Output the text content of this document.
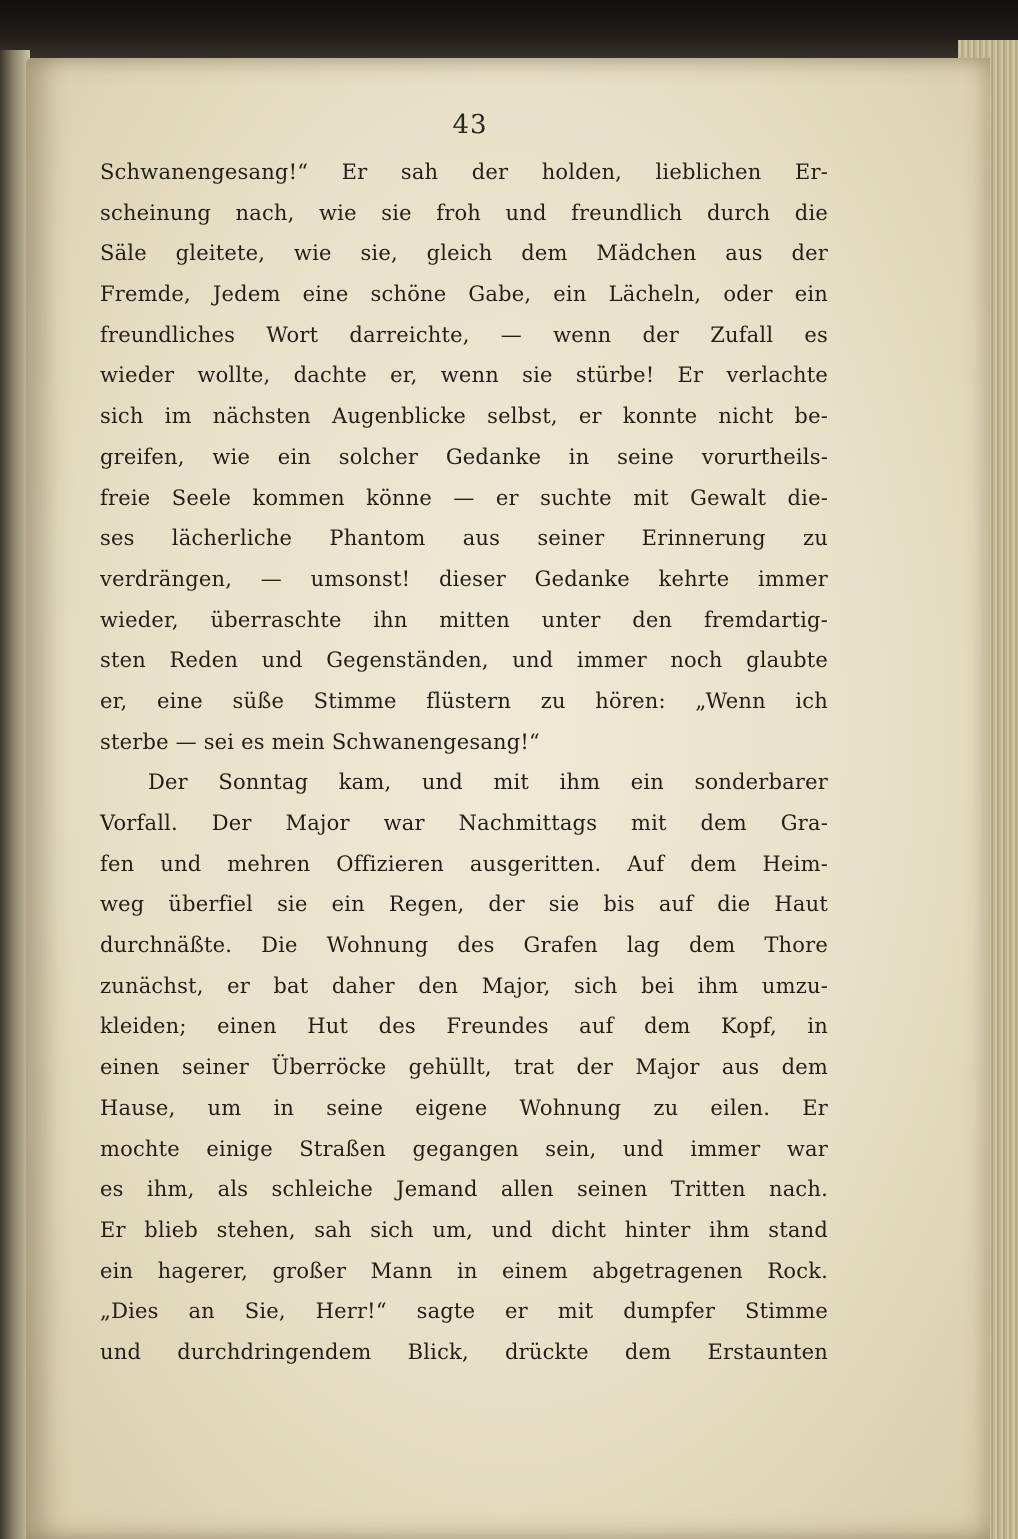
43
Schwanengesang!“ Er sah der holden, lieblichen Er-
scheinung nach, wie sie froh und freundlich durch die
Säle gleitete, wie sie, gleich dem Mädchen aus der
Fremde, Jedem eine schöne Gabe, ein Lächeln, oder ein
freundliches Wort darreichte, — wenn der Zufall es
wieder wollte, dachte er, wenn sie stürbe! Er verlachte
sich im nächsten Augenblicke selbst, er konnte nicht be-
greifen, wie ein solcher Gedanke in seine vorurtheils-
freie Seele kommen könne — er suchte mit Gewalt die-
ses lächerliche Phantom aus seiner Erinnerung zu
verdrängen, — umsonst! dieser Gedanke kehrte immer
wieder, überraschte ihn mitten unter den fremdartig-
sten Reden und Gegenständen, und immer noch glaubte
er, eine süße Stimme flüstern zu hören: „Wenn ich
sterbe — sei es mein Schwanengesang!“
Der Sonntag kam, und mit ihm ein sonderbarer
Vorfall. Der Major war Nachmittags mit dem Gra-
fen und mehren Offizieren ausgeritten. Auf dem Heim-
weg überfiel sie ein Regen, der sie bis auf die Haut
durchnäßte. Die Wohnung des Grafen lag dem Thore
zunächst, er bat daher den Major, sich bei ihm umzu-
kleiden; einen Hut des Freundes auf dem Kopf, in
einen seiner Überröcke gehüllt, trat der Major aus dem
Hause, um in seine eigene Wohnung zu eilen. Er
mochte einige Straßen gegangen sein, und immer war
es ihm, als schleiche Jemand allen seinen Tritten nach.
Er blieb stehen, sah sich um, und dicht hinter ihm stand
ein hagerer, großer Mann in einem abgetragenen Rock.
„Dies an Sie, Herr!“ sagte er mit dumpfer Stimme
und durchdringendem Blick, drückte dem Erstaunten
